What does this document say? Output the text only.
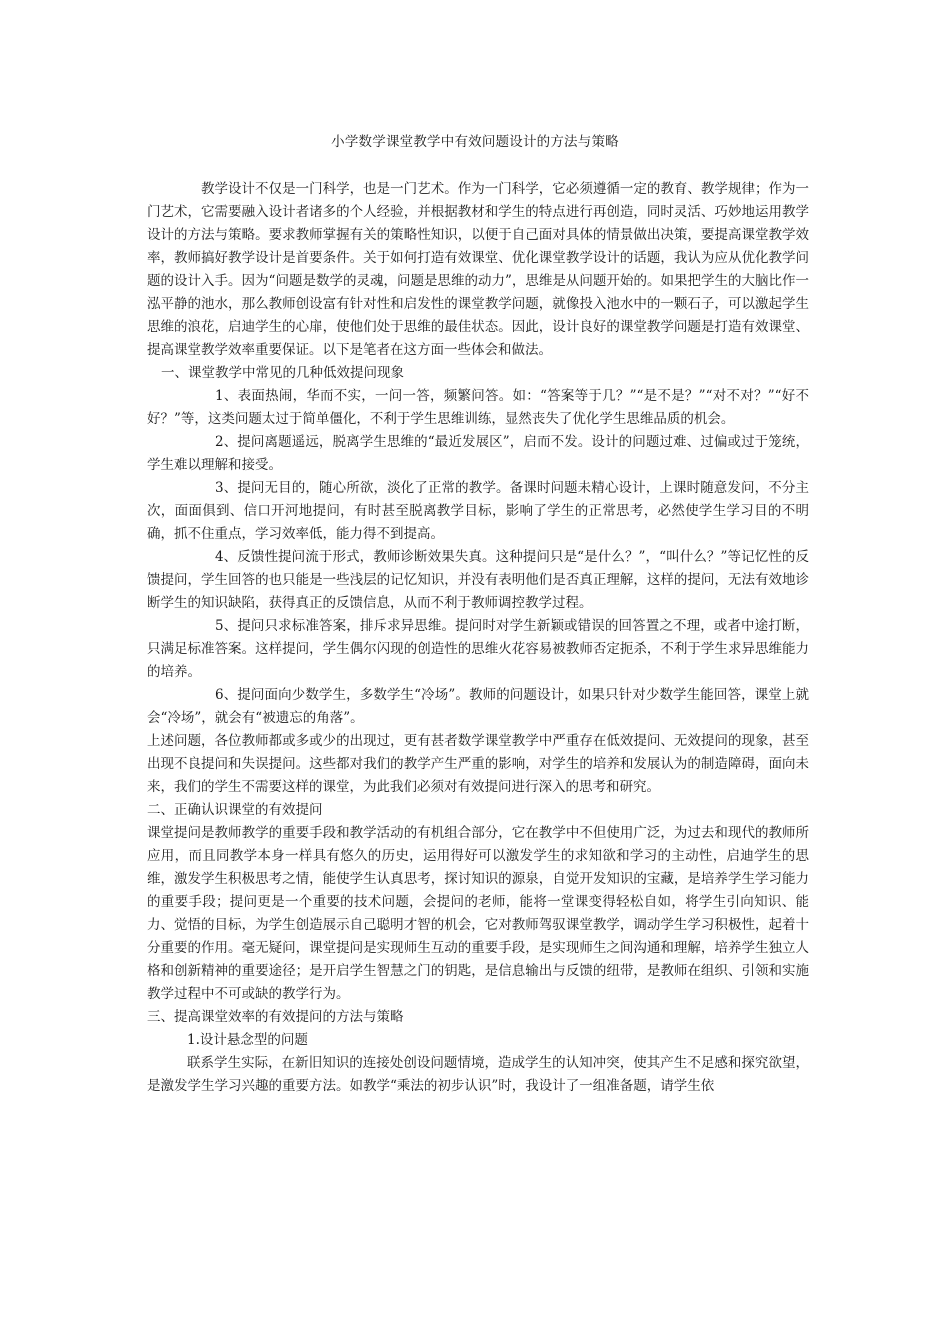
小学数学课堂教学中有效问题设计的方法与策略

教学设计不仅是一门科学，也是一门艺术。作为一门科学，它必须遵循一定的教育、教学规律；作为一门艺术，它需要融入设计者诸多的个人经验，并根据教材和学生的特点进行再创造，同时灵活、巧妙地运用教学设计的方法与策略。要求教师掌握有关的策略性知识，以便于自己面对具体的情景做出决策，要提高课堂教学效率，教师搞好教学设计是首要条件。关于如何打造有效课堂、优化课堂教学设计的话题，我认为应从优化教学问题的设计入手。因为“问题是数学的灵魂，问题是思维的动力”，思维是从问题开始的。如果把学生的大脑比作一泓平静的池水，那么教师创设富有针对性和启发性的课堂教学问题，就像投入池水中的一颗石子，可以激起学生思维的浪花，启迪学生的心扉，使他们处于思维的最佳状态。因此，设计良好的课堂教学问题是打造有效课堂、提高课堂教学效率重要保证。以下是笔者在这方面一些体会和做法。

一、课堂教学中常见的几种低效提问现象

1、表面热闹，华而不实，一问一答，频繁问答。如：“答案等于几？”“是不是？”“对不对？”“好不好？”等，这类问题太过于简单僵化，不利于学生思维训练，显然丧失了优化学生思维品质的机会。

2、提问离题遥远，脱离学生思维的“最近发展区”，启而不发。设计的问题过难、过偏或过于笼统，学生难以理解和接受。

3、提问无目的，随心所欲，淡化了正常的教学。备课时问题未精心设计，上课时随意发问，不分主次，面面俱到、信口开河地提问，有时甚至脱离教学目标，影响了学生的正常思考，必然使学生学习目的不明确，抓不住重点，学习效率低，能力得不到提高。

4、反馈性提问流于形式，教师诊断效果失真。这种提问只是“是什么？”，“叫什么？”等记忆性的反馈提问，学生回答的也只能是一些浅层的记忆知识，并没有表明他们是否真正理解，这样的提问，无法有效地诊断学生的知识缺陷，获得真正的反馈信息，从而不利于教师调控教学过程。

5、提问只求标准答案，排斥求异思维。提问时对学生新颖或错误的回答置之不理，或者中途打断，只满足标准答案。这样提问，学生偶尔闪现的创造性的思维火花容易被教师否定扼杀，不利于学生求异思维能力的培养。

6、提问面向少数学生，多数学生“冷场”。教师的问题设计，如果只针对少数学生能回答，课堂上就会“冷场”，就会有“被遗忘的角落”。

上述问题，各位教师都或多或少的出现过，更有甚者数学课堂教学中严重存在低效提问、无效提问的现象，甚至出现不良提问和失误提问。这些都对我们的教学产生严重的影响，对学生的培养和发展认为的制造障碍，面向未来，我们的学生不需要这样的课堂，为此我们必须对有效提问进行深入的思考和研究。

二、正确认识课堂的有效提问

课堂提问是教师教学的重要手段和教学活动的有机组合部分，它在教学中不但使用广泛，为过去和现代的教师所应用，而且同教学本身一样具有悠久的历史，运用得好可以激发学生的求知欲和学习的主动性，启迪学生的思维，激发学生积极思考之情，能使学生认真思考，探讨知识的源泉，自觉开发知识的宝藏，是培养学生学习能力的重要手段；提问更是一个重要的技术问题，会提问的老师，能将一堂课变得轻松自如，将学生引向知识、能力、觉悟的目标，为学生创造展示自己聪明才智的机会，它对教师驾驭课堂教学，调动学生学习积极性，起着十分重要的作用。毫无疑问，课堂提问是实现师生互动的重要手段，是实现师生之间沟通和理解，培养学生独立人格和创新精神的重要途径；是开启学生智慧之门的钥匙，是信息输出与反馈的纽带，是教师在组织、引领和实施教学过程中不可或缺的教学行为。

三、提高课堂效率的有效提问的方法与策略

1.设计悬念型的问题

联系学生实际，在新旧知识的连接处创设问题情境，造成学生的认知冲突，使其产生不足感和探究欲望，是激发学生学习兴趣的重要方法。如教学“乘法的初步认识”时，我设计了一组准备题，请学生依
